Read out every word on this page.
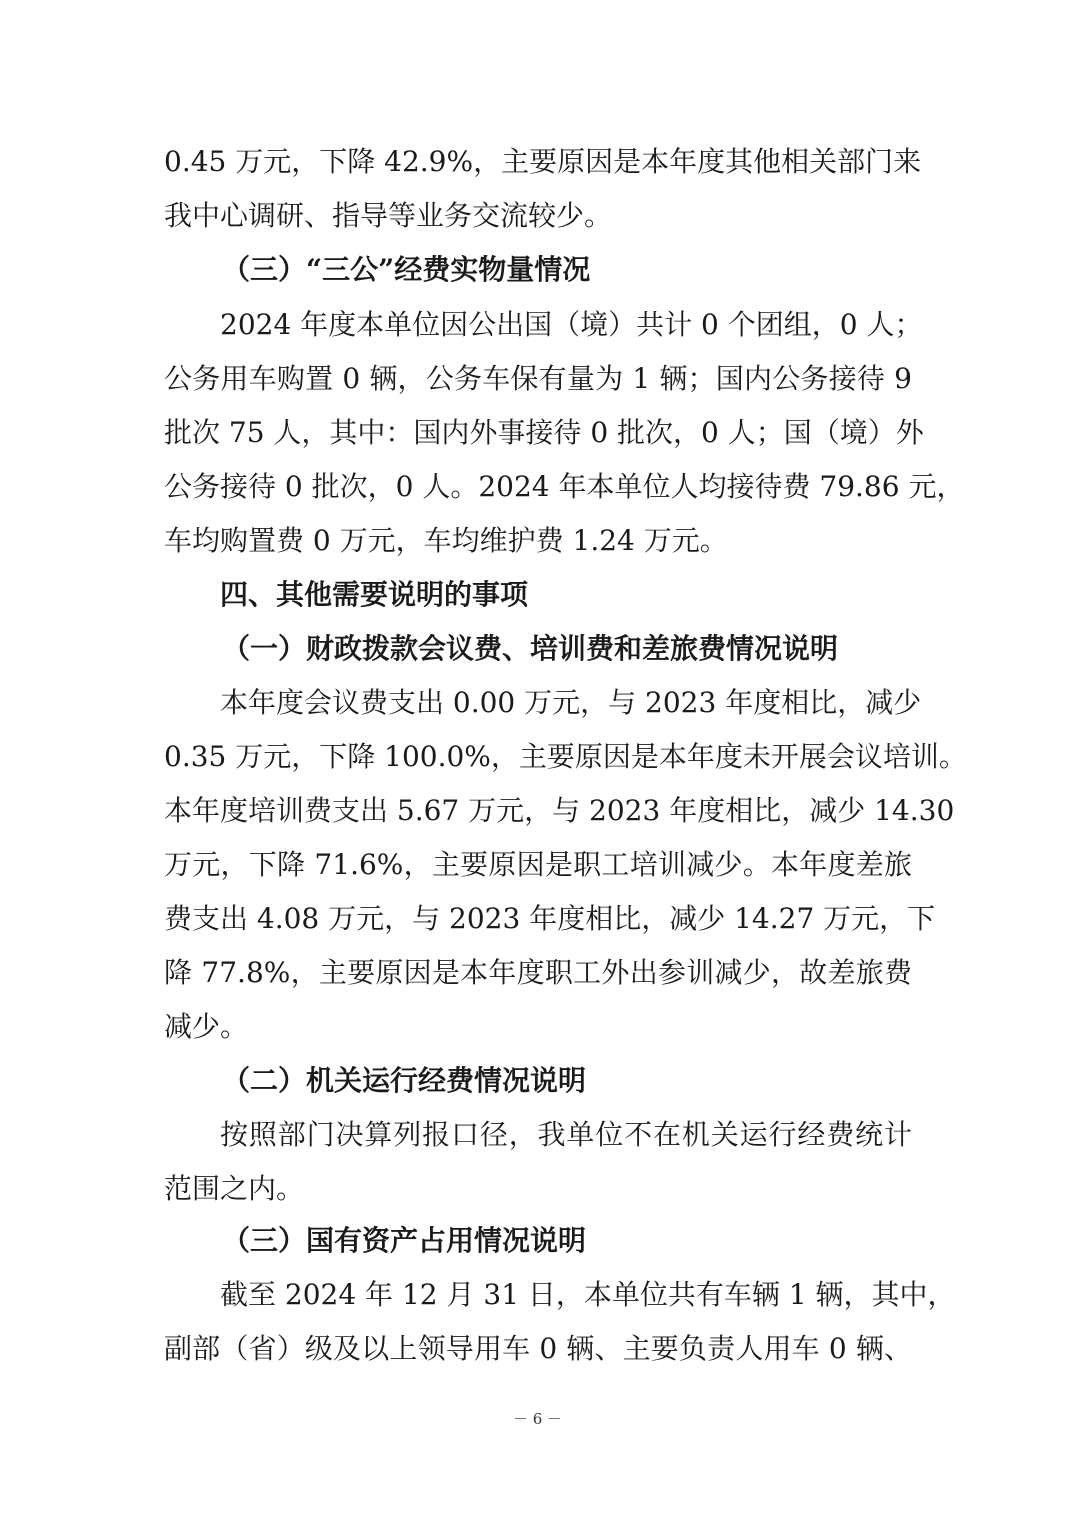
0.45 万元，下降 42.9%，主要原因是本年度其他相关部门来
我中心调研、指导等业务交流较少。
（三）“三公”经费实物量情况
2024 年度本单位因公出国（境）共计 0 个团组，0 人；
公务用车购置 0 辆，公务车保有量为 1 辆；国内公务接待 9
批次 75 人，其中：国内外事接待 0 批次，0 人；国（境）外
公务接待 0 批次，0 人。2024 年本单位人均接待费 79.86 元，
车均购置费 0 万元，车均维护费 1.24 万元。
四、其他需要说明的事项
（一）财政拨款会议费、培训费和差旅费情况说明
本年度会议费支出 0.00 万元，与 2023 年度相比，减少
0.35 万元，下降 100.0%，主要原因是本年度未开展会议培训。
本年度培训费支出 5.67 万元，与 2023 年度相比，减少 14.30
万元，下降 71.6%，主要原因是职工培训减少。本年度差旅
费支出 4.08 万元，与 2023 年度相比，减少 14.27 万元，下
降 77.8%，主要原因是本年度职工外出参训减少，故差旅费
减少。
（二）机关运行经费情况说明
按照部门决算列报口径，我单位不在机关运行经费统计
范围之内。
（三）国有资产占用情况说明
截至 2024 年 12 月 31 日，本单位共有车辆 1 辆，其中，
副部（省）级及以上领导用车 0 辆、主要负责人用车 0 辆、
－ 6 －
